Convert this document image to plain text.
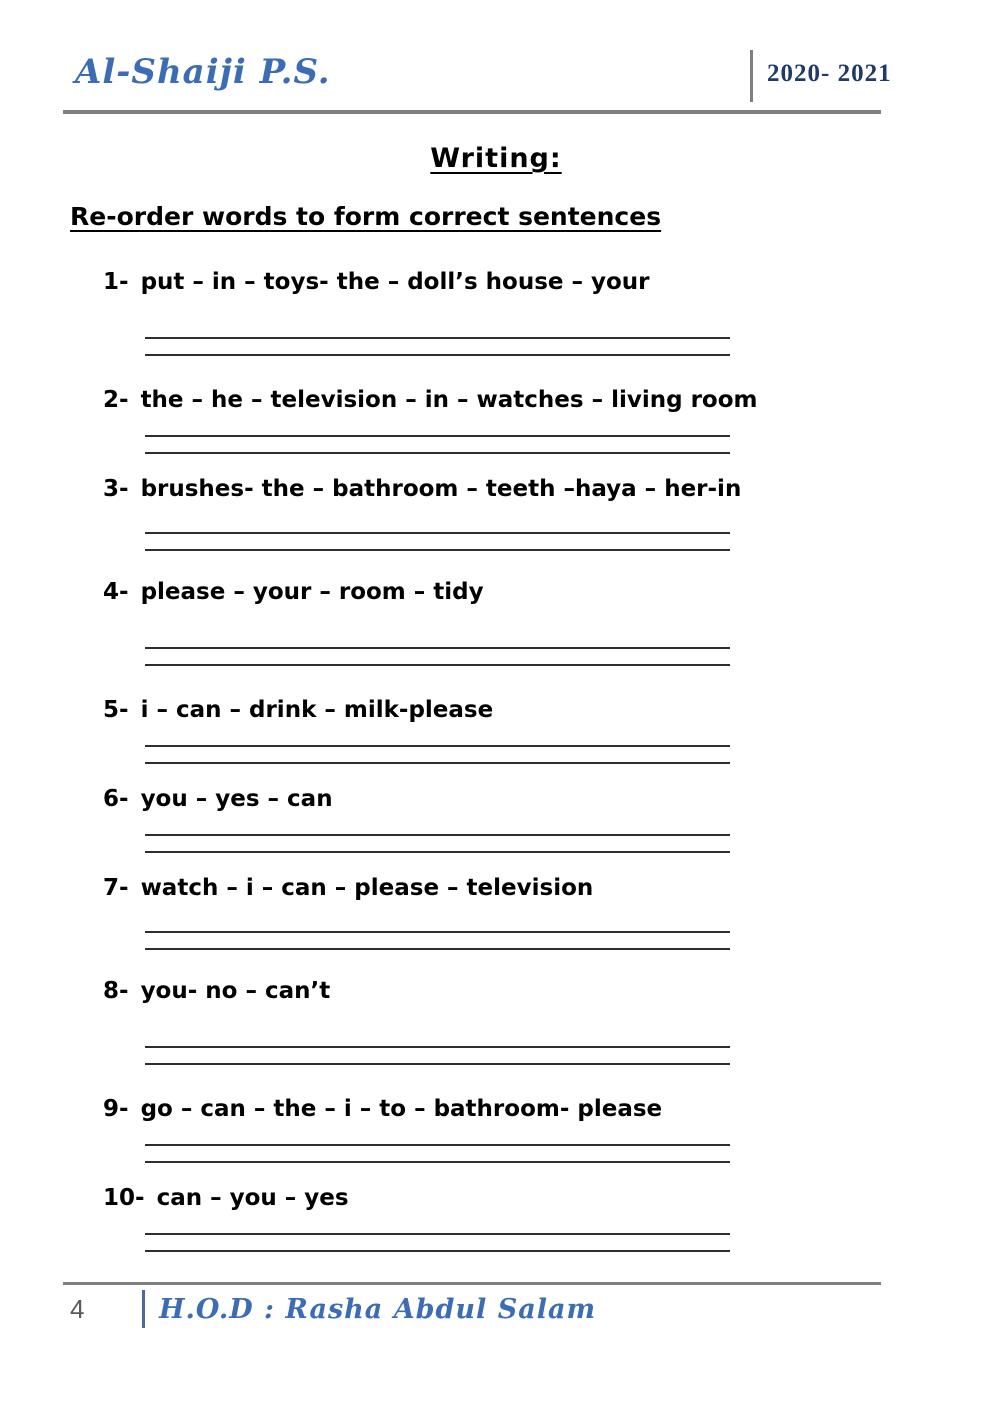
Al-Shaiji P.S.	2020- 2021
Writing:
Re-order words to form correct sentences

1- put – in – toys- the – doll’s house – your

2- the – he – television – in – watches – living room

3- brushes- the – bathroom – teeth –haya – her-in

4- please – your – room – tidy

5- i – can – drink – milk-please

6- you – yes – can

7- watch – i – can – please – television

8- you- no – can’t

9- go – can – the – i – to – bathroom- please

10- can – you – yes

4	H.O.D : Rasha Abdul Salam
